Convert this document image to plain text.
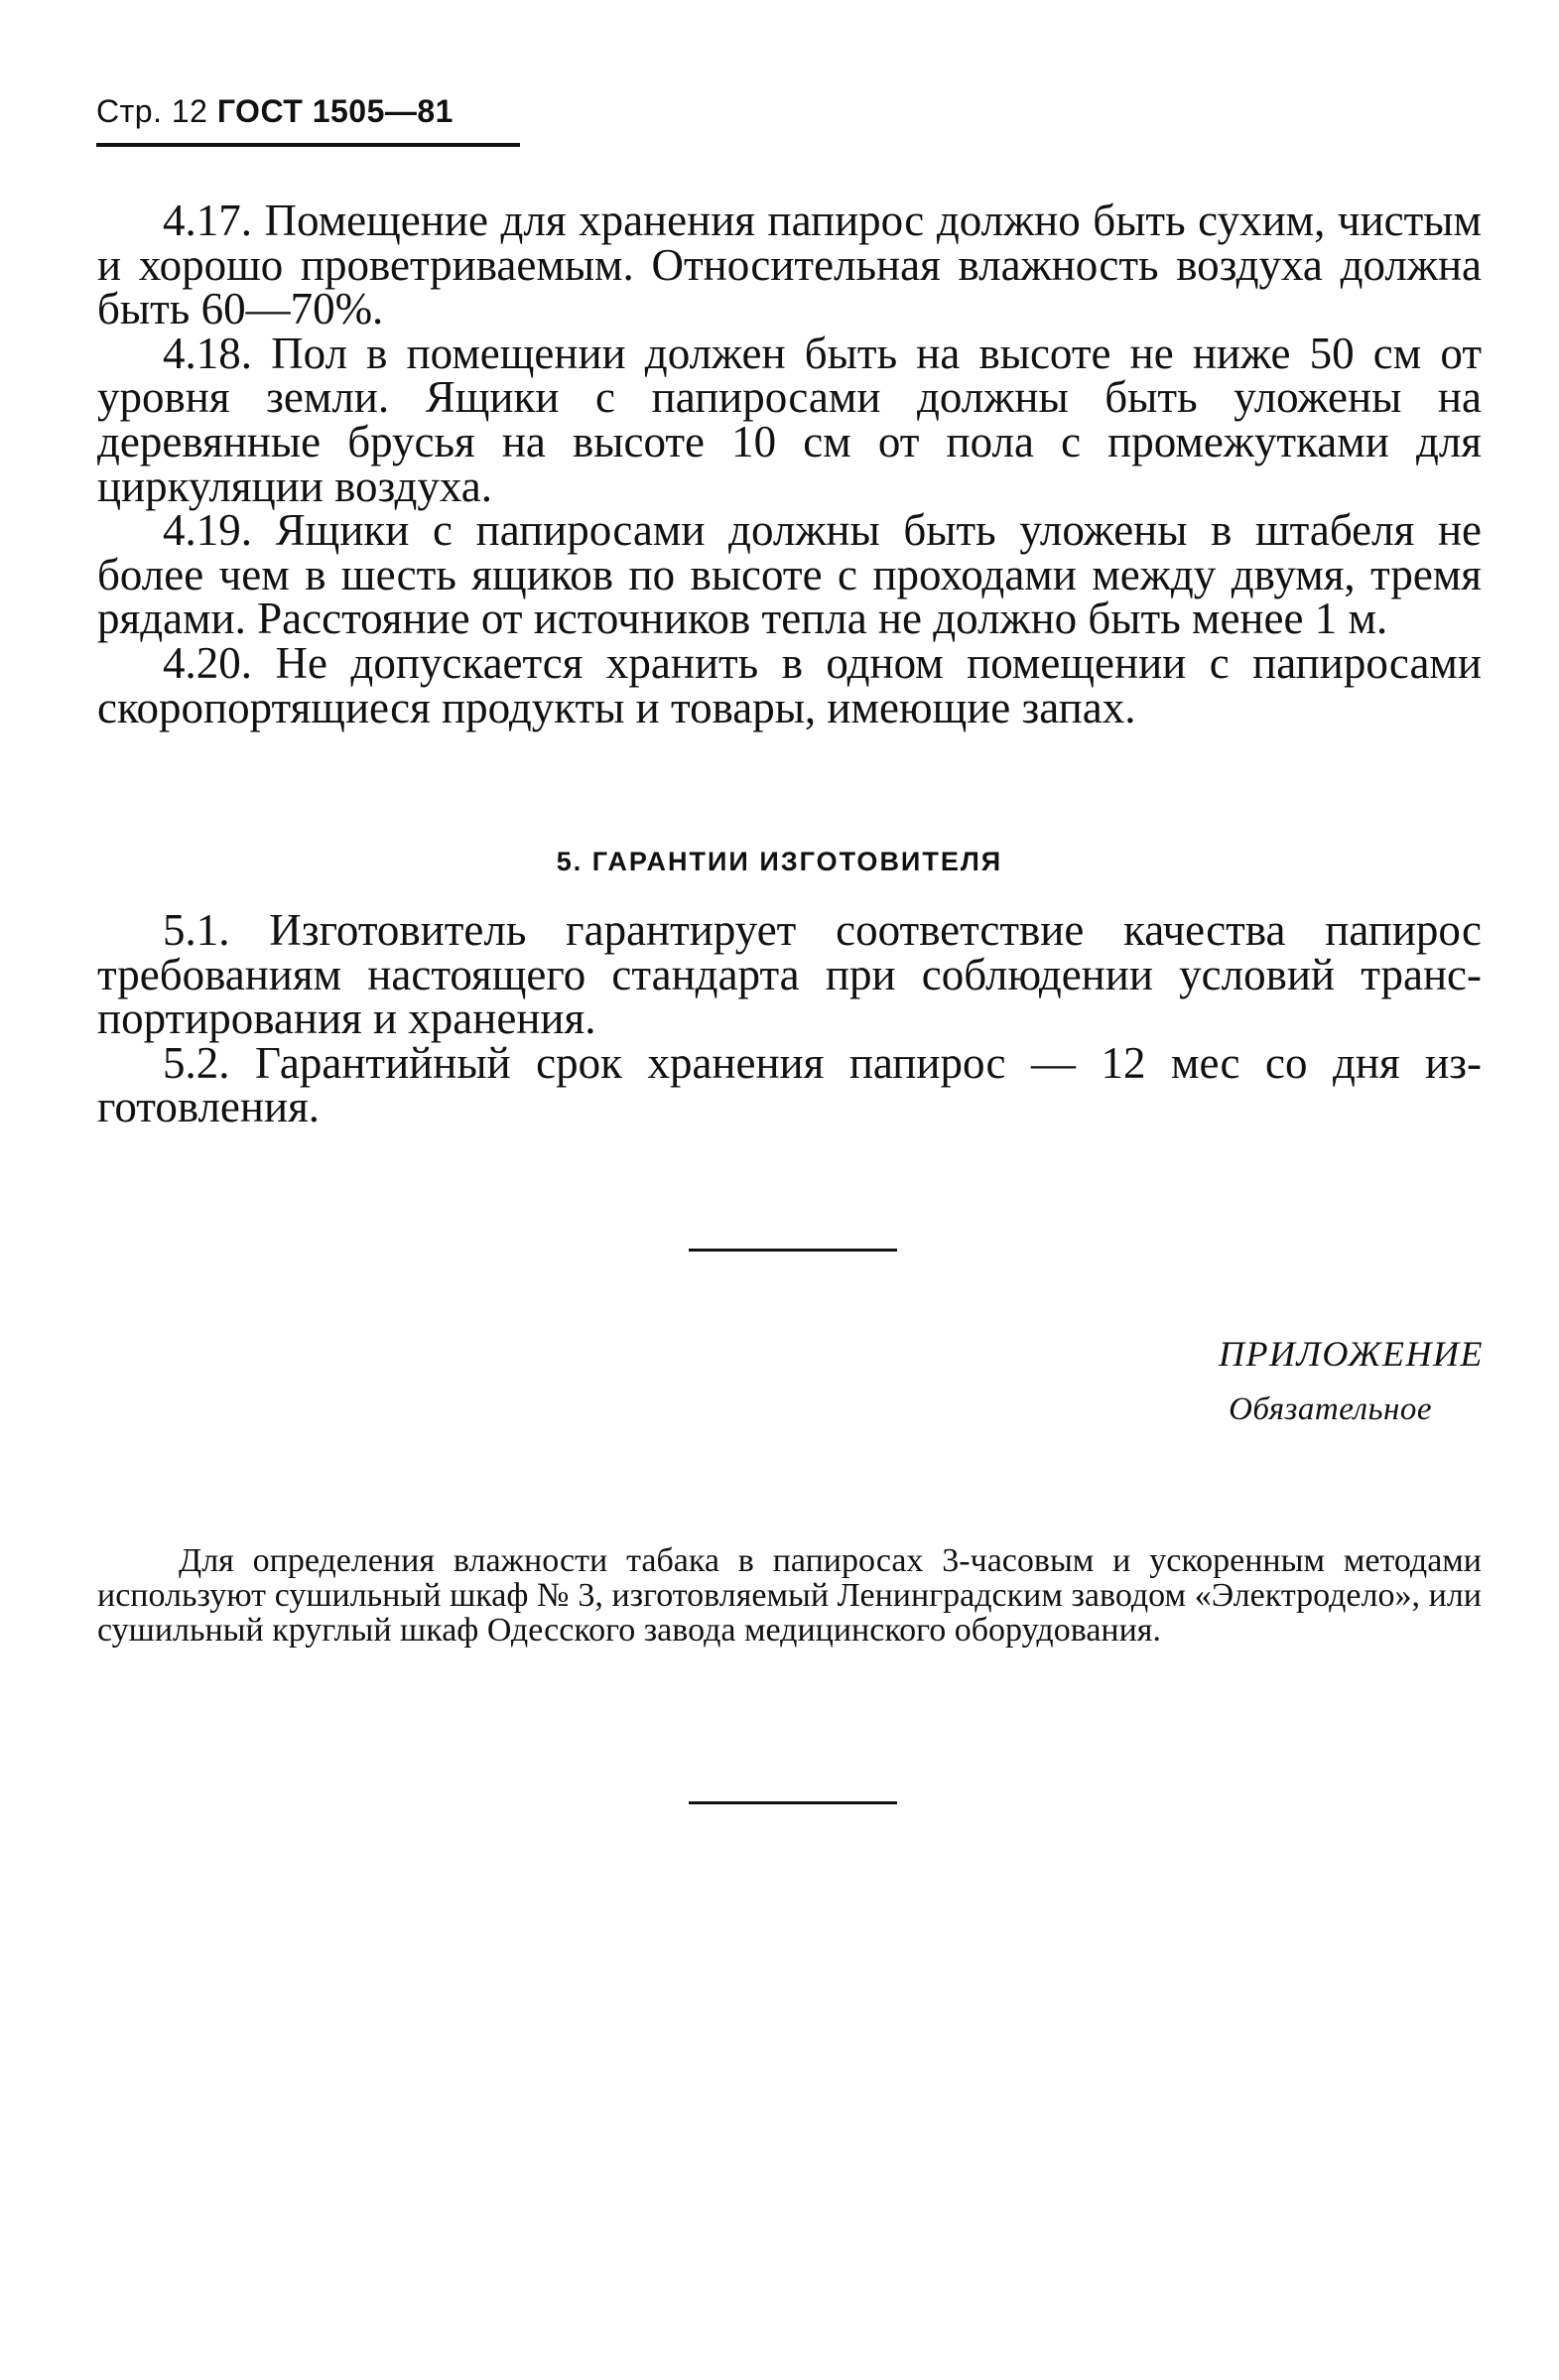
Стр. 12 ГОСТ 1505—81

4.17. Помещение для хранения папирос должно быть сухим, чистым и хорошо проветриваемым. Относительная влажность воздуха должна быть 60—70%.

4.18. Пол в помещении должен быть на высоте не ниже 50 см от уровня земли. Ящики с папиросами должны быть уложены на деревянные брусья на высоте 10 см от пола с промежутками для циркуляции воздуха.

4.19. Ящики с папиросами должны быть уложены в штабеля не более чем в шесть ящиков по высоте с проходами между двумя, тремя рядами. Расстояние от источников тепла не должно быть менее 1 м.

4.20. Не допускается хранить в одном помещении с папиросами скоропортящиеся продукты и товары, имеющие запах.

5. ГАРАНТИИ ИЗГОТОВИТЕЛЯ

5.1. Изготовитель гарантирует соответствие качества папирос требованиям настоящего стандарта при соблюдении условий транспортирования и хранения.

5.2. Гарантийный срок хранения папирос — 12 мес со дня изготовления.

ПРИЛОЖЕНИЕ
Обязательное

Для определения влажности табака в папиросах 3-часовым и ускоренным методами используют сушильный шкаф № 3, изготовляемый Ленинградским заводом «Электродело», или сушильный круглый шкаф Одесского завода медицинского оборудования.
